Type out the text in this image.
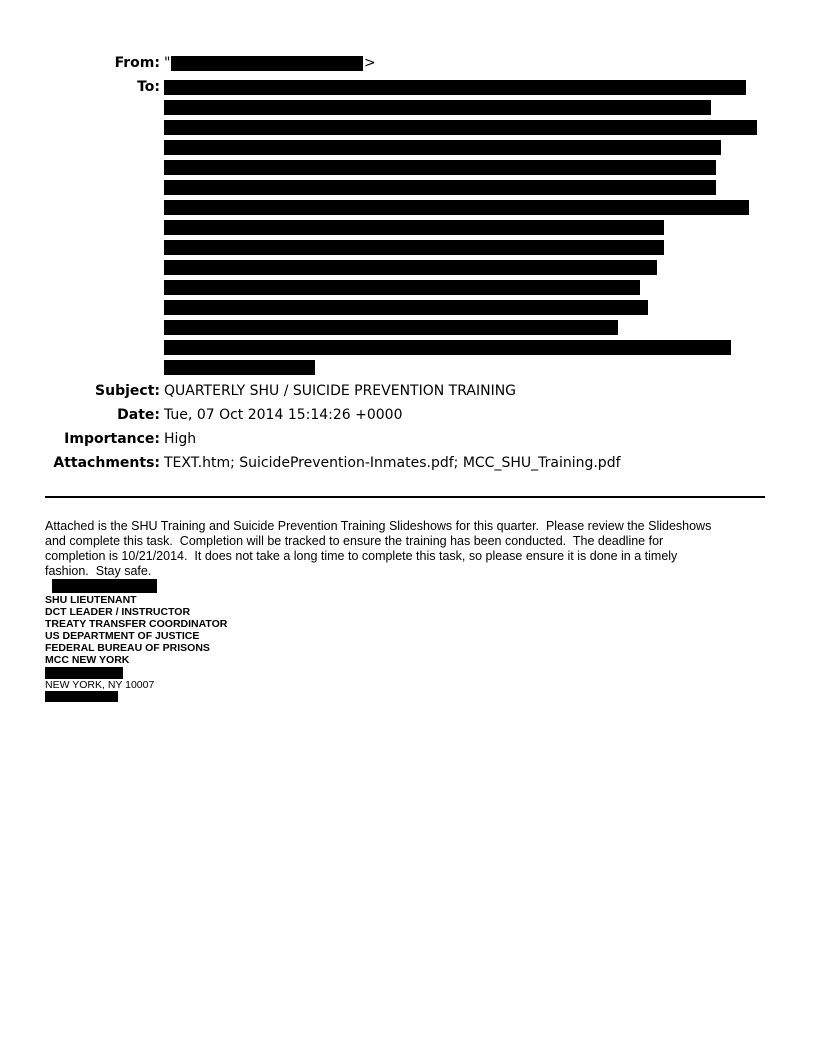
From: "	>
To:
Subject: QUARTERLY SHU / SUICIDE PREVENTION TRAINING
Date: Tue, 07 Oct 2014 15:14:26 +0000
Importance: High
Attachments: TEXT.htm; SuicidePrevention-Inmates.pdf; MCC_SHU_Training.pdf
Attached is the SHU Training and Suicide Prevention Training Slideshows for this quarter.  Please review the Slideshows
and complete this task.  Completion will be tracked to ensure the training has been conducted.  The deadline for
completion is 10/21/2014.  It does not take a long time to complete this task, so please ensure it is done in a timely
fashion.  Stay safe.
SHU LIEUTENANT
DCT LEADER / INSTRUCTOR
TREATY TRANSFER COORDINATOR
US DEPARTMENT OF JUSTICE
FEDERAL BUREAU OF PRISONS
MCC NEW YORK
NEW YORK, NY 10007
